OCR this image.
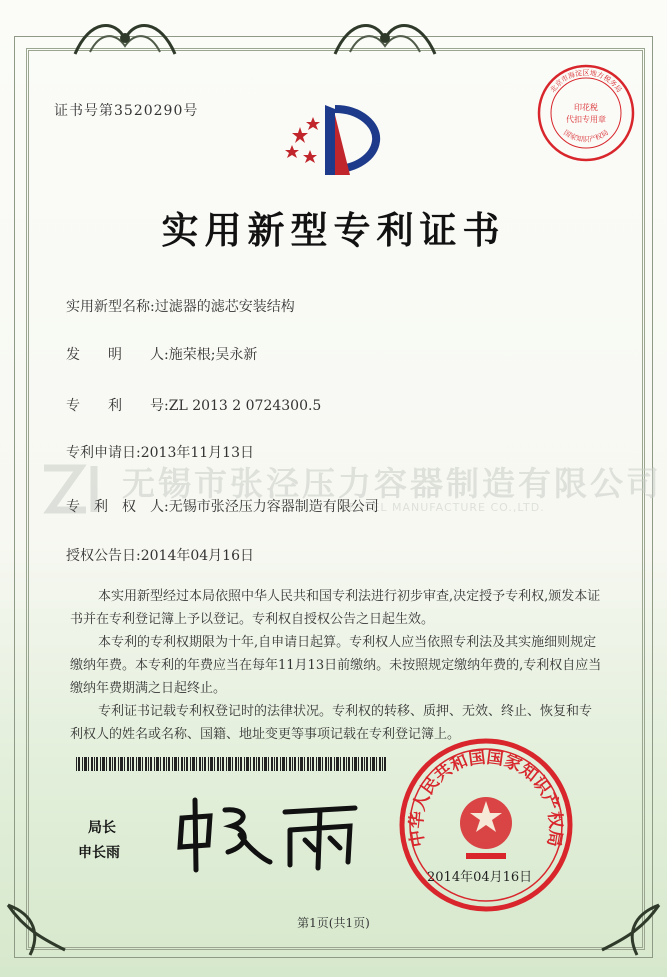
证书号第3520290号	印花税
代扣专用章
北京市海淀区地方税务局
国家知识产权局
实用新型专利证书
实用新型名称:过滤器的滤芯安装结构
发　　明　　人:施荣根;吴永新
专　　利　　号:ZL 2013 2 0724300.5
专利申请日:2013年11月13日
无锡市张泾压力容器制造有限公司
VESSEL MANUFACTURE CO.,LTD.
专　利　权　人:无锡市张泾压力容器制造有限公司
授权公告日:2014年04月16日

本实用新型经过本局依照中华人民共和国专利法进行初步审查,决定授予专利权,颁发本证书并在专利登记簿上予以登记。专利权自授权公告之日起生效。

本专利的专利权期限为十年,自申请日起算。专利权人应当依照专利法及其实施细则规定缴纳年费。本专利的年费应当在每年11月13日前缴纳。未按照规定缴纳年费的,专利权自应当缴纳年费期满之日起终止。

专利证书记载专利权登记时的法律状况。专利权的转移、质押、无效、终止、恢复和专利权人的姓名或名称、国籍、地址变更等事项记载在专利登记簿上。

局长
申长雨
中华人民共和国国家知识产权局
2014年04月16日
第1页(共1页)
